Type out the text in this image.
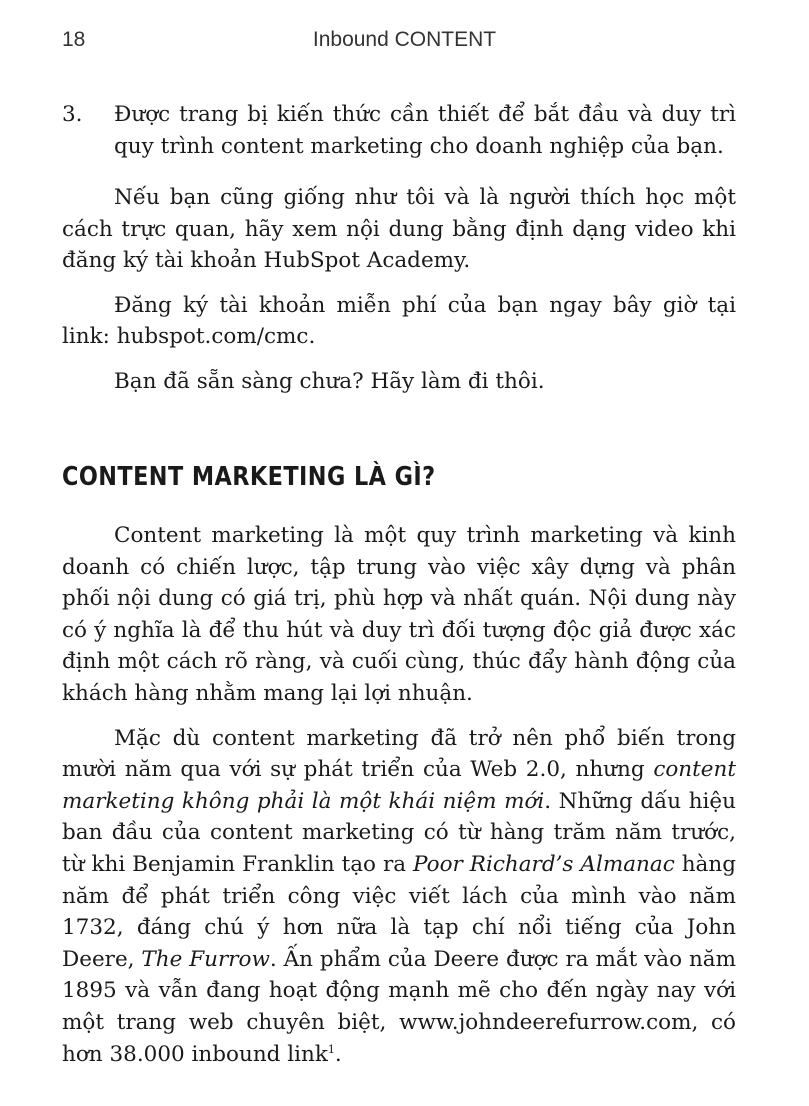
18	Inbound CONTENT
3. Được trang bị kiến thức cần thiết để bắt đầu và duy trì quy trình content marketing cho doanh nghiệp của bạn.

Nếu bạn cũng giống như tôi và là người thích học một cách trực quan, hãy xem nội dung bằng định dạng video khi đăng ký tài khoản HubSpot Academy.

Đăng ký tài khoản miễn phí của bạn ngay bây giờ tại link: hubspot.com/cmc.

Bạn đã sẵn sàng chưa? Hãy làm đi thôi.

CONTENT MARKETING LÀ GÌ?

Content marketing là một quy trình marketing và kinh doanh có chiến lược, tập trung vào việc xây dựng và phân phối nội dung có giá trị, phù hợp và nhất quán. Nội dung này có ý nghĩa là để thu hút và duy trì đối tượng độc giả được xác định một cách rõ ràng, và cuối cùng, thúc đẩy hành động của khách hàng nhằm mang lại lợi nhuận.

Mặc dù content marketing đã trở nên phổ biến trong mười năm qua với sự phát triển của Web 2.0, nhưng content marketing không phải là một khái niệm mới. Những dấu hiệu ban đầu của content marketing có từ hàng trăm năm trước, từ khi Benjamin Franklin tạo ra Poor Richard’s Almanac hàng năm để phát triển công việc viết lách của mình vào năm 1732, đáng chú ý hơn nữa là tạp chí nổi tiếng của John Deere, The Furrow. Ấn phẩm của Deere được ra mắt vào năm 1895 và vẫn đang hoạt động mạnh mẽ cho đến ngày nay với một trang web chuyên biệt, www.johndeerefurrow.com, có hơn 38.000 inbound link$^1$.
